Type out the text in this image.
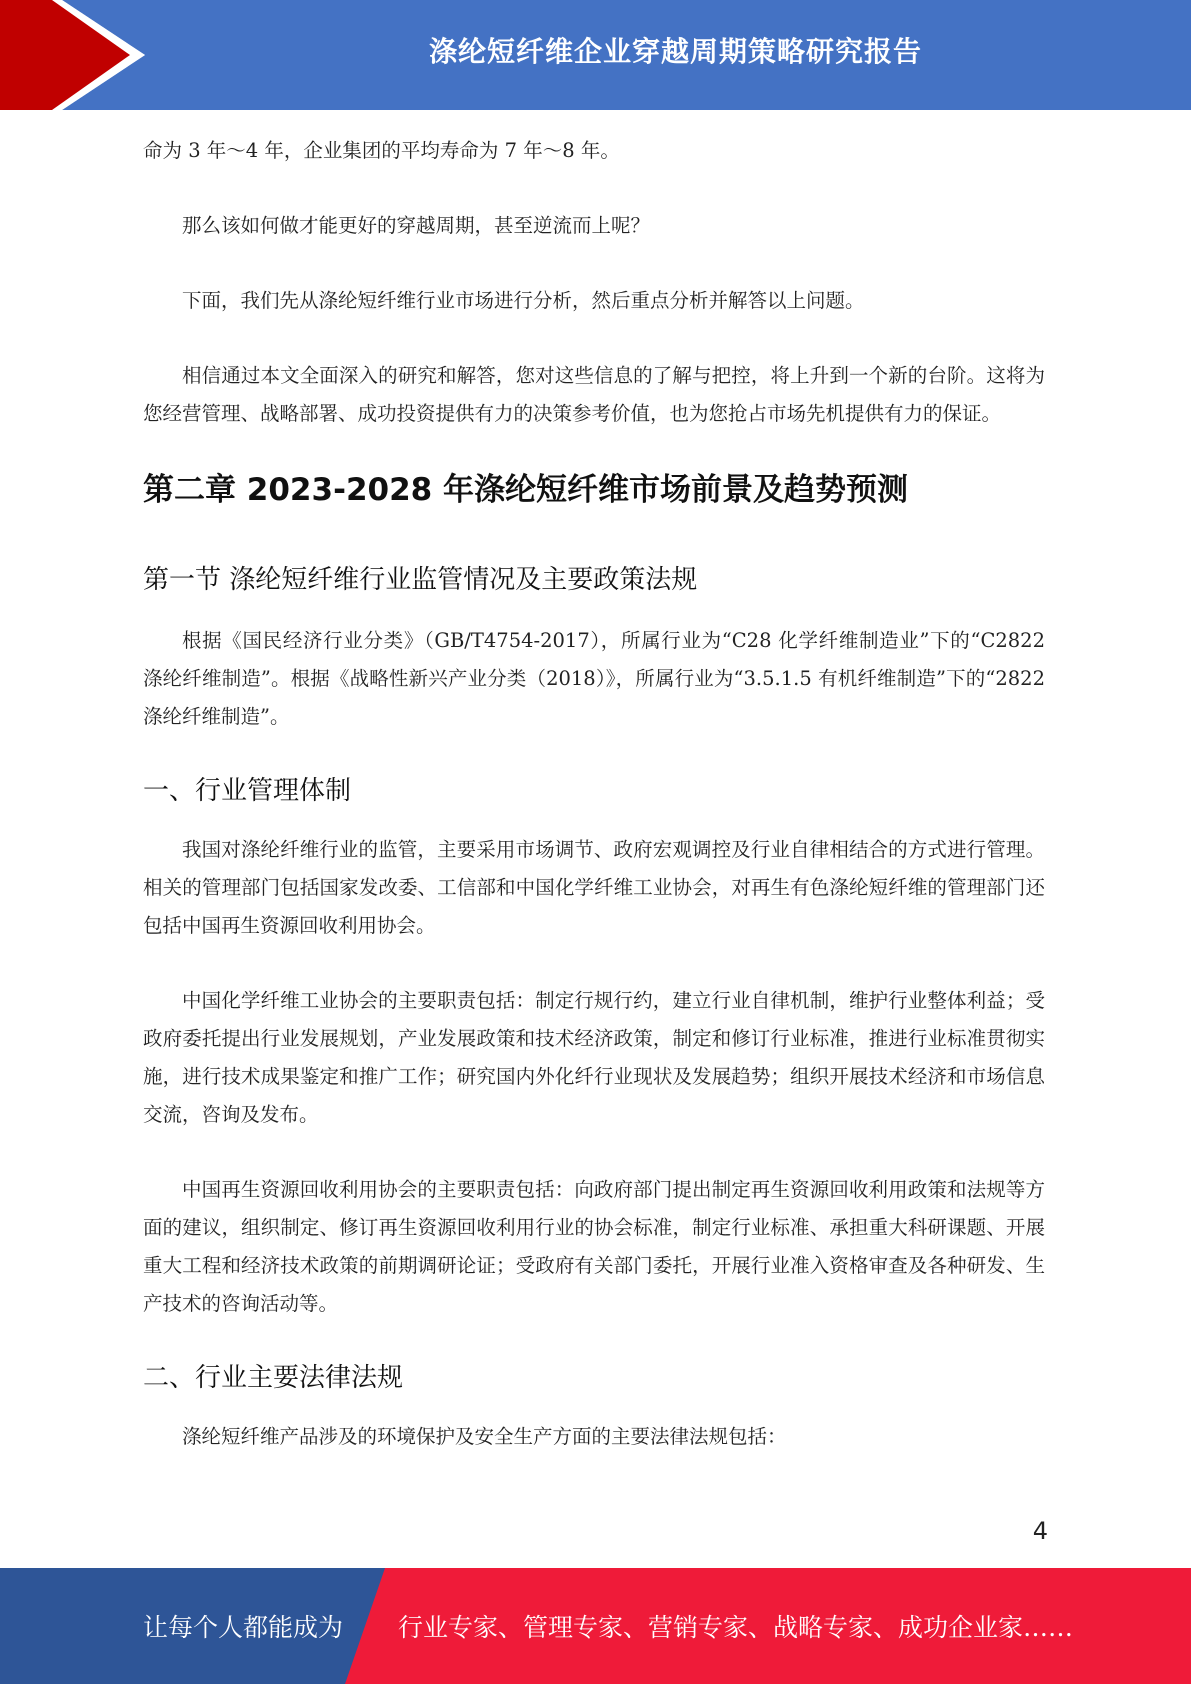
涤纶短纤维企业穿越周期策略研究报告

命为 3 年～4 年，企业集团的平均寿命为 7 年～8 年。

那么该如何做才能更好的穿越周期，甚至逆流而上呢？

下面，我们先从涤纶短纤维行业市场进行分析，然后重点分析并解答以上问题。

相信通过本文全面深入的研究和解答，您对这些信息的了解与把控，将上升到一个新的台阶。这将为您经营管理、战略部署、成功投资提供有力的决策参考价值，也为您抢占市场先机提供有力的保证。

第二章 2023-2028 年涤纶短纤维市场前景及趋势预测
第一节 涤纶短纤维行业监管情况及主要政策法规

根据《国民经济行业分类》（GB/T4754-2017），所属行业为“C28 化学纤维制造业”下的“C2822 涤纶纤维制造”。根据《战略性新兴产业分类（2018）》，所属行业为“3.5.1.5 有机纤维制造”下的“2822 涤纶纤维制造”。

一、行业管理体制

我国对涤纶纤维行业的监管，主要采用市场调节、政府宏观调控及行业自律相结合的方式进行管理。相关的管理部门包括国家发改委、工信部和中国化学纤维工业协会，对再生有色涤纶短纤维的管理部门还包括中国再生资源回收利用协会。

中国化学纤维工业协会的主要职责包括：制定行规行约，建立行业自律机制，维护行业整体利益；受政府委托提出行业发展规划，产业发展政策和技术经济政策，制定和修订行业标准，推进行业标准贯彻实施，进行技术成果鉴定和推广工作；研究国内外化纤行业现状及发展趋势；组织开展技术经济和市场信息交流，咨询及发布。

中国再生资源回收利用协会的主要职责包括：向政府部门提出制定再生资源回收利用政策和法规等方面的建议，组织制定、修订再生资源回收利用行业的协会标准，制定行业标准、承担重大科研课题、开展重大工程和经济技术政策的前期调研论证；受政府有关部门委托，开展行业准入资格审查及各种研发、生产技术的咨询活动等。

二、行业主要法律法规

涤纶短纤维产品涉及的环境保护及安全生产方面的主要法律法规包括：

4
让每个人都能成为 行业专家、管理专家、营销专家、战略专家、成功企业家……
